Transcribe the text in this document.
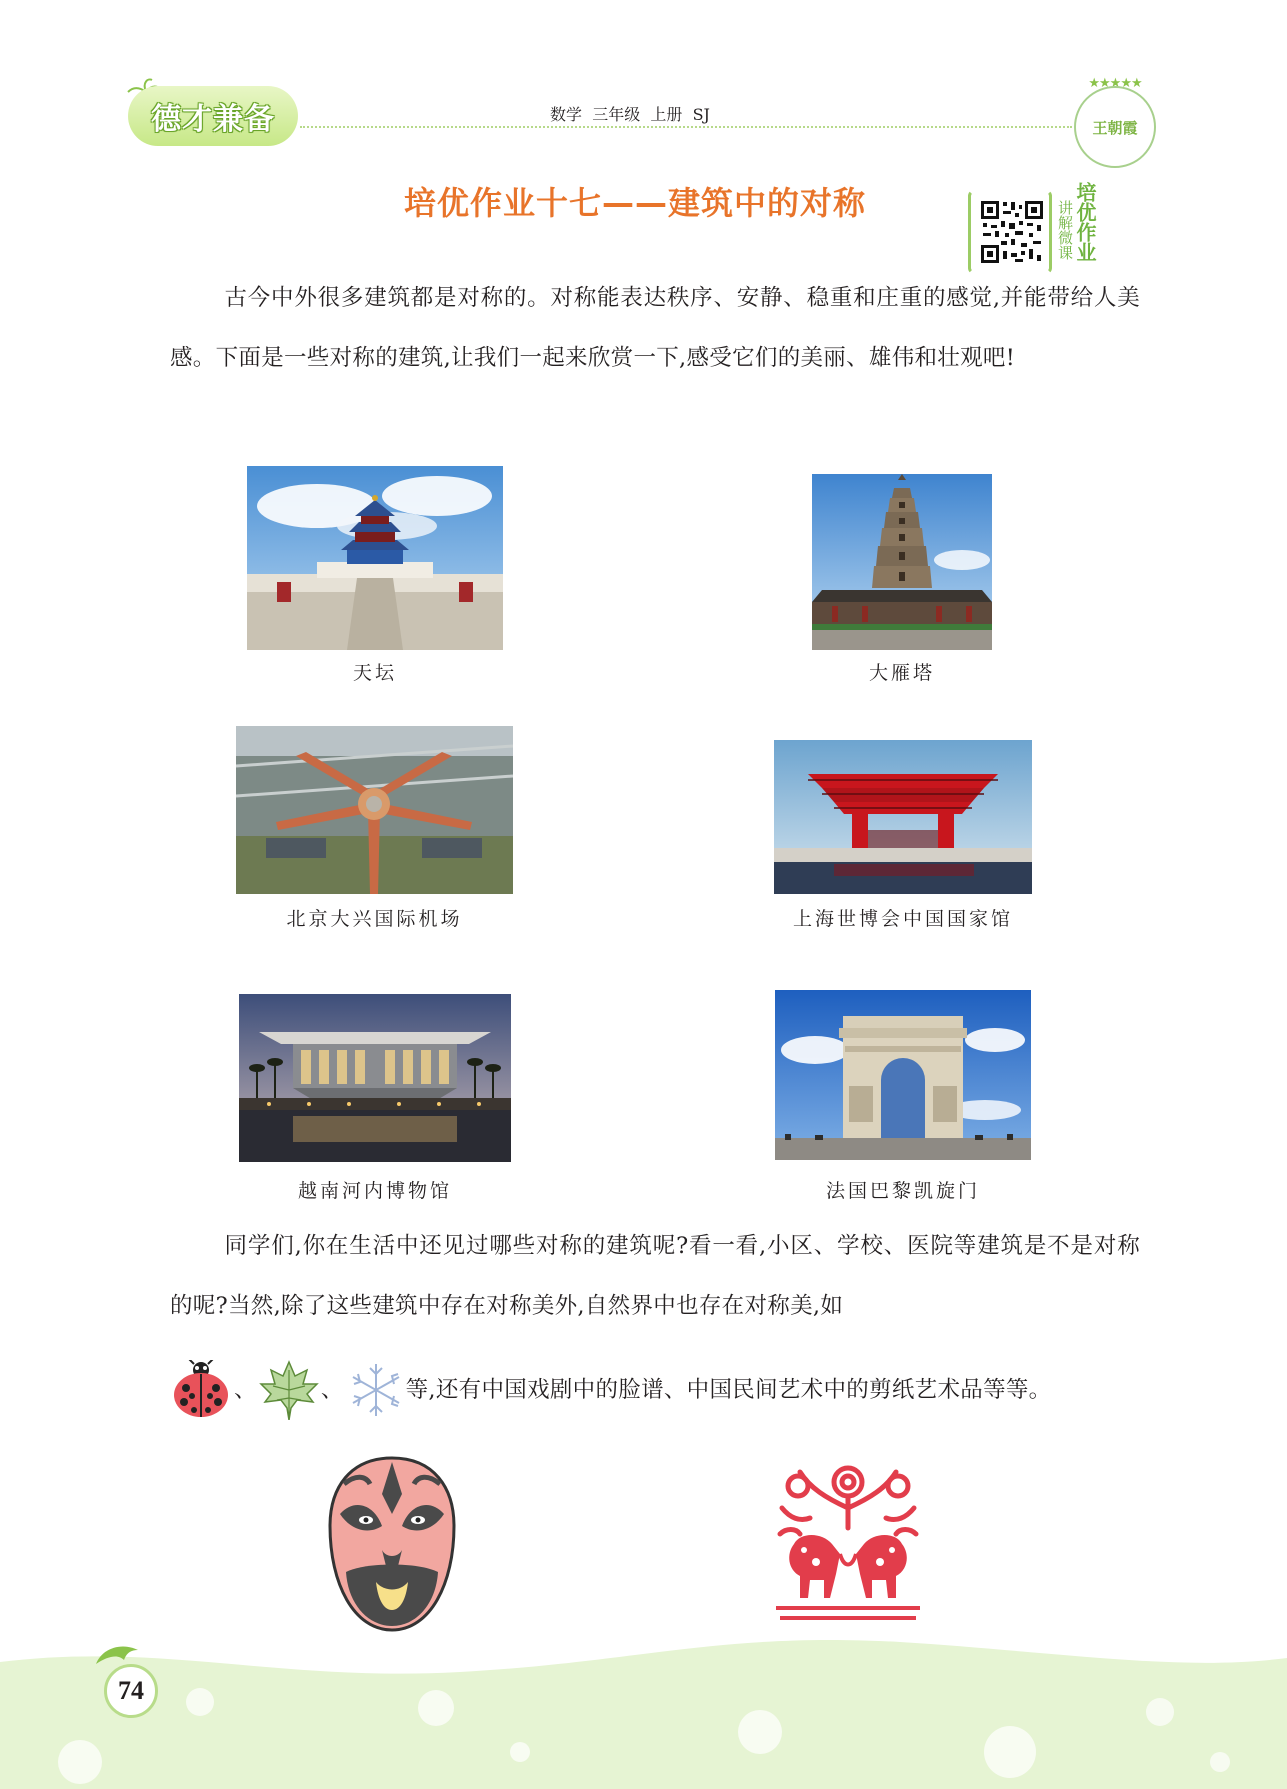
德才兼备	数学  三年级  上册  SJ
★★★★★
王朝霞
培优作业十七——建筑中的对称	讲解微课 培优作业
古今中外很多建筑都是对称的。对称能表达秩序、安静、稳重和庄重的感觉,并能带给人美感。下面是一些对称的建筑,让我们一起来欣赏一下,感受它们的美丽、雄伟和壮观吧!
天坛	大雁塔
北京大兴国际机场	上海世博会中国国家馆
越南河内博物馆	法国巴黎凯旋门
同学们,你在生活中还见过哪些对称的建筑呢?看一看,小区、学校、医院等建筑是不是对称的呢?当然,除了这些建筑中存在对称美外,自然界中也存在对称美,如
、	、	等,还有中国戏剧中的脸谱、中国民间艺术中的剪纸艺术品等等。
74
